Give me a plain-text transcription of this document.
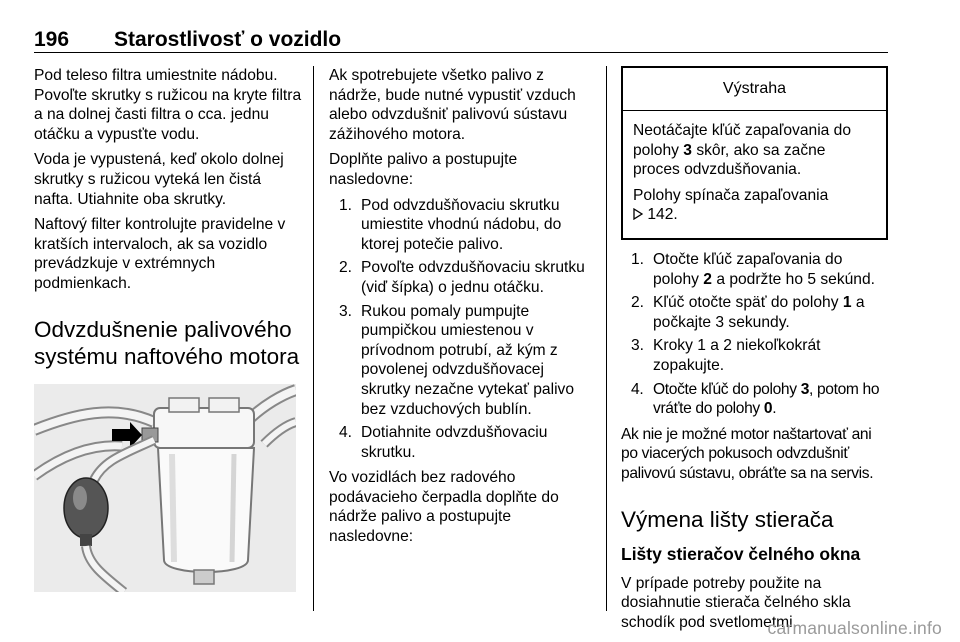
196 Starostlivosť o vozidlo

Pod teleso filtra umiestnite nádobu. Povoľte skrutky s ružicou na kryte filtra a na dolnej časti filtra o cca. jednu otáčku a vypusťte vodu.

Voda je vypustená, keď okolo dolnej skrutky s ružicou vyteká len čistá nafta. Utiahnite oba skrutky.

Naftový filter kontrolujte pravidelne v kratších intervaloch, ak sa vozidlo prevádzkuje v extrémnych podmienkach.

Odvzdušnenie palivového systému naftového motora

Ak spotrebujete všetko palivo z nádrže, bude nutné vypustiť vzduch alebo odvzdušniť palivovú sústavu zážihového motora.

Doplňte palivo a postupujte nasledovne:

1. Pod odvzdušňovaciu skrutku umiestite vhodnú nádobu, do ktorej potečie palivo.
2. Povoľte odvzdušňovaciu skrutku (viď šípka) o jednu otáčku.
3. Rukou pomaly pumpujte pumpičkou umiestenou v prívodnom potrubí, až kým z povolenej odvzdušňovacej skrutky nezačne vytekať palivo bez vzduchových bublín.
4. Dotiahnite odvzdušňovaciu skrutku.

Vo vozidlách bez radového podávacieho čerpadla doplňte do nádrže palivo a postupujte nasledovne:

Výstraha

Neotáčajte kľúč zapaľovania do polohy 3 skôr, ako sa začne proces odvzdušňovania.

Polohy spínača zapaľovania
142.

1. Otočte kľúč zapaľovania do polohy 2 a podržte ho 5 sekúnd.
2. Kľúč otočte späť do polohy 1 a počkajte 3 sekundy.
3. Kroky 1 a 2 niekoľkokrát zopakujte.
4. Otočte kľúč do polohy 3, potom ho vráťte do polohy 0.

Ak nie je možné motor naštartovať ani po viacerých pokusoch odvzdušniť palivovú sústavu, obráťte sa na servis.

Výmena lišty stierača
Lišty stieračov čelného okna

V prípade potreby použite na dosiahnutie stierača čelného skla schodík pod svetlometmi.

carmanualsonline.info
